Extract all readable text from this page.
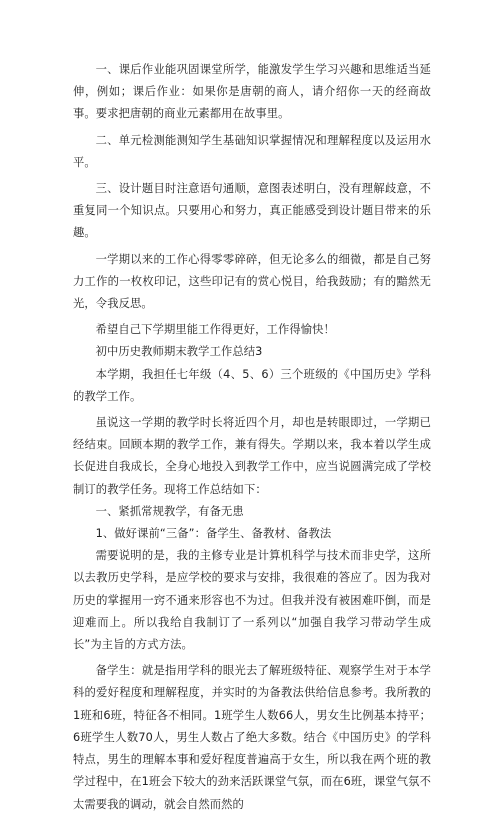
一、课后作业能巩固课堂所学，能激发学生学习兴趣和思维适当延伸，例如；课后作业：如果你是唐朝的商人，请介绍你一天的经商故事。要求把唐朝的商业元素都用在故事里。

二、单元检测能测知学生基础知识掌握情况和理解程度以及运用水平。

三、设计题目时注意语句通顺，意图表述明白，没有理解歧意，不重复同一个知识点。只要用心和努力，真正能感受到设计题目带来的乐趣。

一学期以来的工作心得零零碎碎，但无论多么的细微，都是自己努力工作的一枚枚印记，这些印记有的赏心悦目，给我鼓励；有的黯然无光，令我反思。

希望自己下学期里能工作得更好，工作得愉快！

初中历史教师期末教学工作总结3

本学期，我担任七年级（4、5、6）三个班级的《中国历史》学科的教学工作。

虽说这一学期的教学时长将近四个月，却也是转眼即过，一学期已经结束。回顾本期的教学工作，兼有得失。学期以来，我本着以学生成长促进自我成长，全身心地投入到教学工作中，应当说圆满完成了学校制订的教学任务。现将工作总结如下：

一、紧抓常规教学，有备无患

1、做好课前“三备”：备学生、备教材、备教法

需要说明的是，我的主修专业是计算机科学与技术而非史学，这所以去教历史学科，是应学校的要求与安排，我很难的答应了。因为我对历史的掌握用一窍不通来形容也不为过。但我并没有被困难吓倒，而是迎难而上。所以我给自我制订了一系列以“加强自我学习带动学生成长”为主旨的方式方法。

备学生：就是指用学科的眼光去了解班级特征、观察学生对于本学科的爱好程度和理解程度，并实时的为备教法供给信息参考。我所教的1班和6班，特征各不相同。1班学生人数66人，男女生比例基本持平；6班学生人数70人，男生人数占了绝大多数。结合《中国历史》的学科特点，男生的理解本事和爱好程度普遍高于女生，所以我在两个班的教学过程中，在1班会下较大的劲来活跃课堂气氛，而在6班，课堂气氛不太需要我的调动，就会自然而然的
